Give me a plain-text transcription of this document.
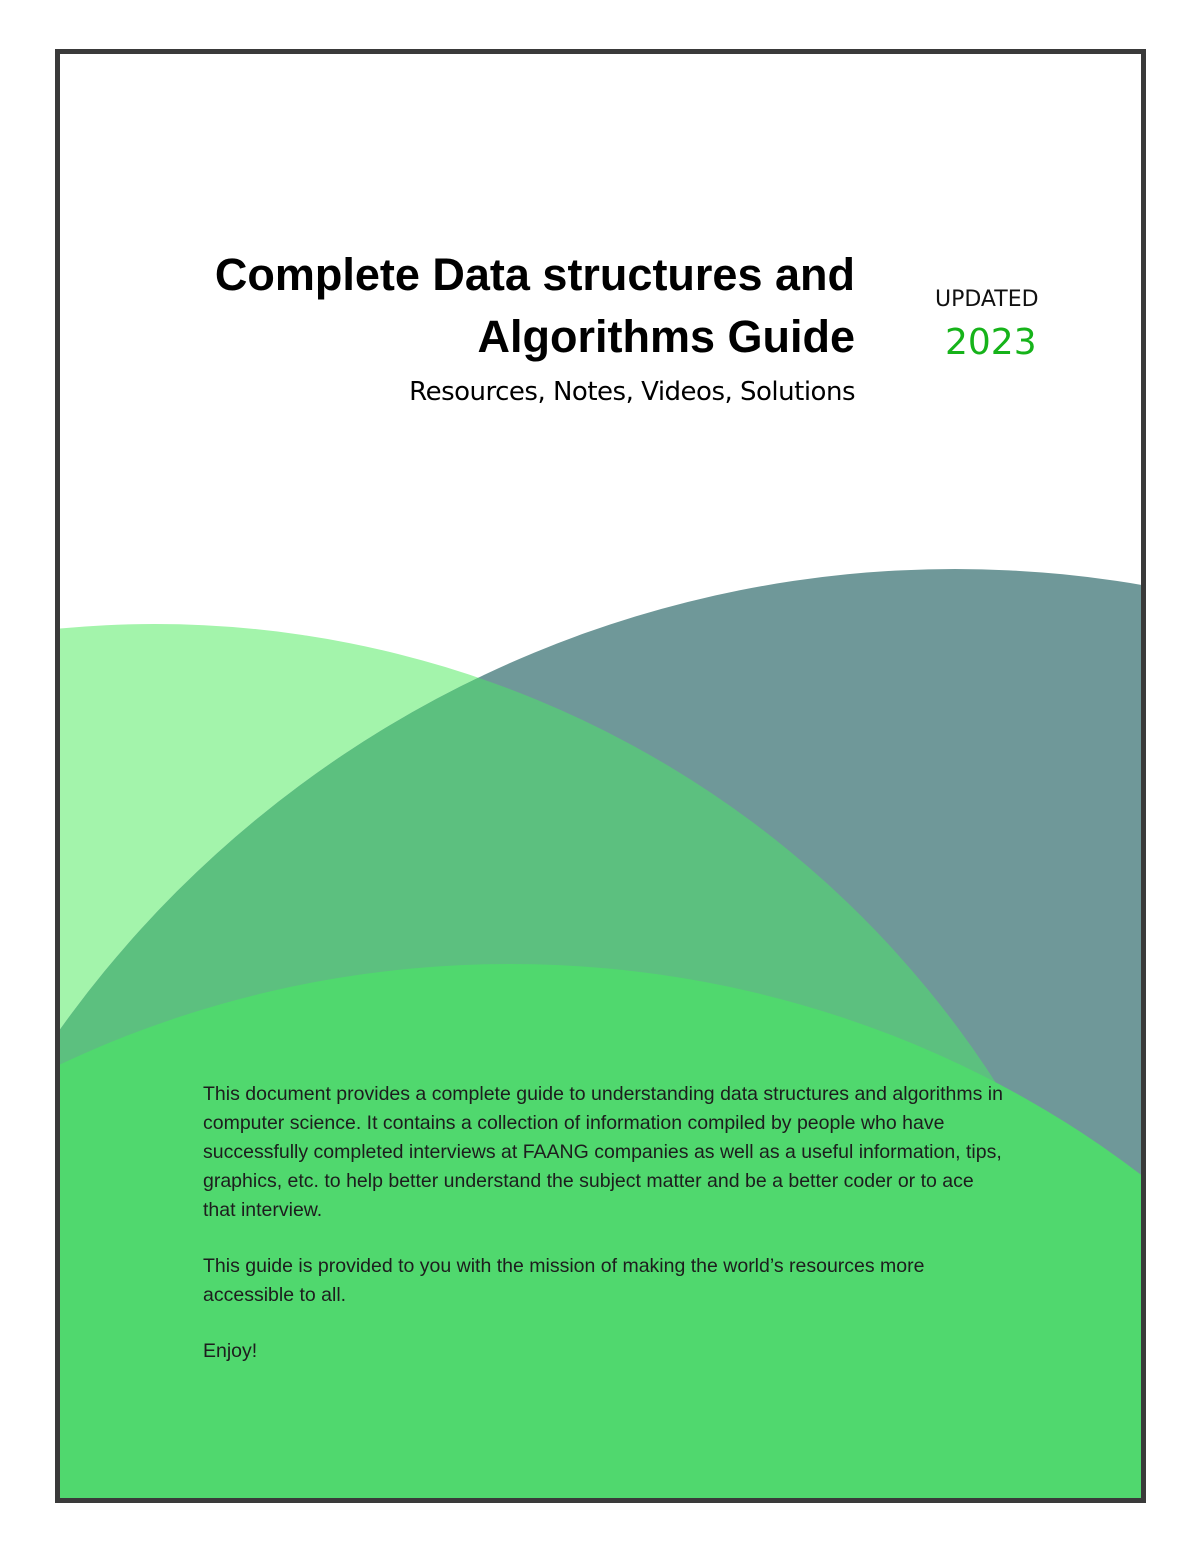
Complete Data structures and
Algorithms Guide
Resources, Notes, Videos, Solutions
UPDATED
2023

This document provides a complete guide to understanding data structures and algorithms in computer science. It contains a collection of information compiled by people who have successfully completed interviews at FAANG companies as well as a useful information, tips, graphics, etc. to help better understand the subject matter and be a better coder or to ace that interview.

This guide is provided to you with the mission of making the world’s resources more accessible to all.

Enjoy!
